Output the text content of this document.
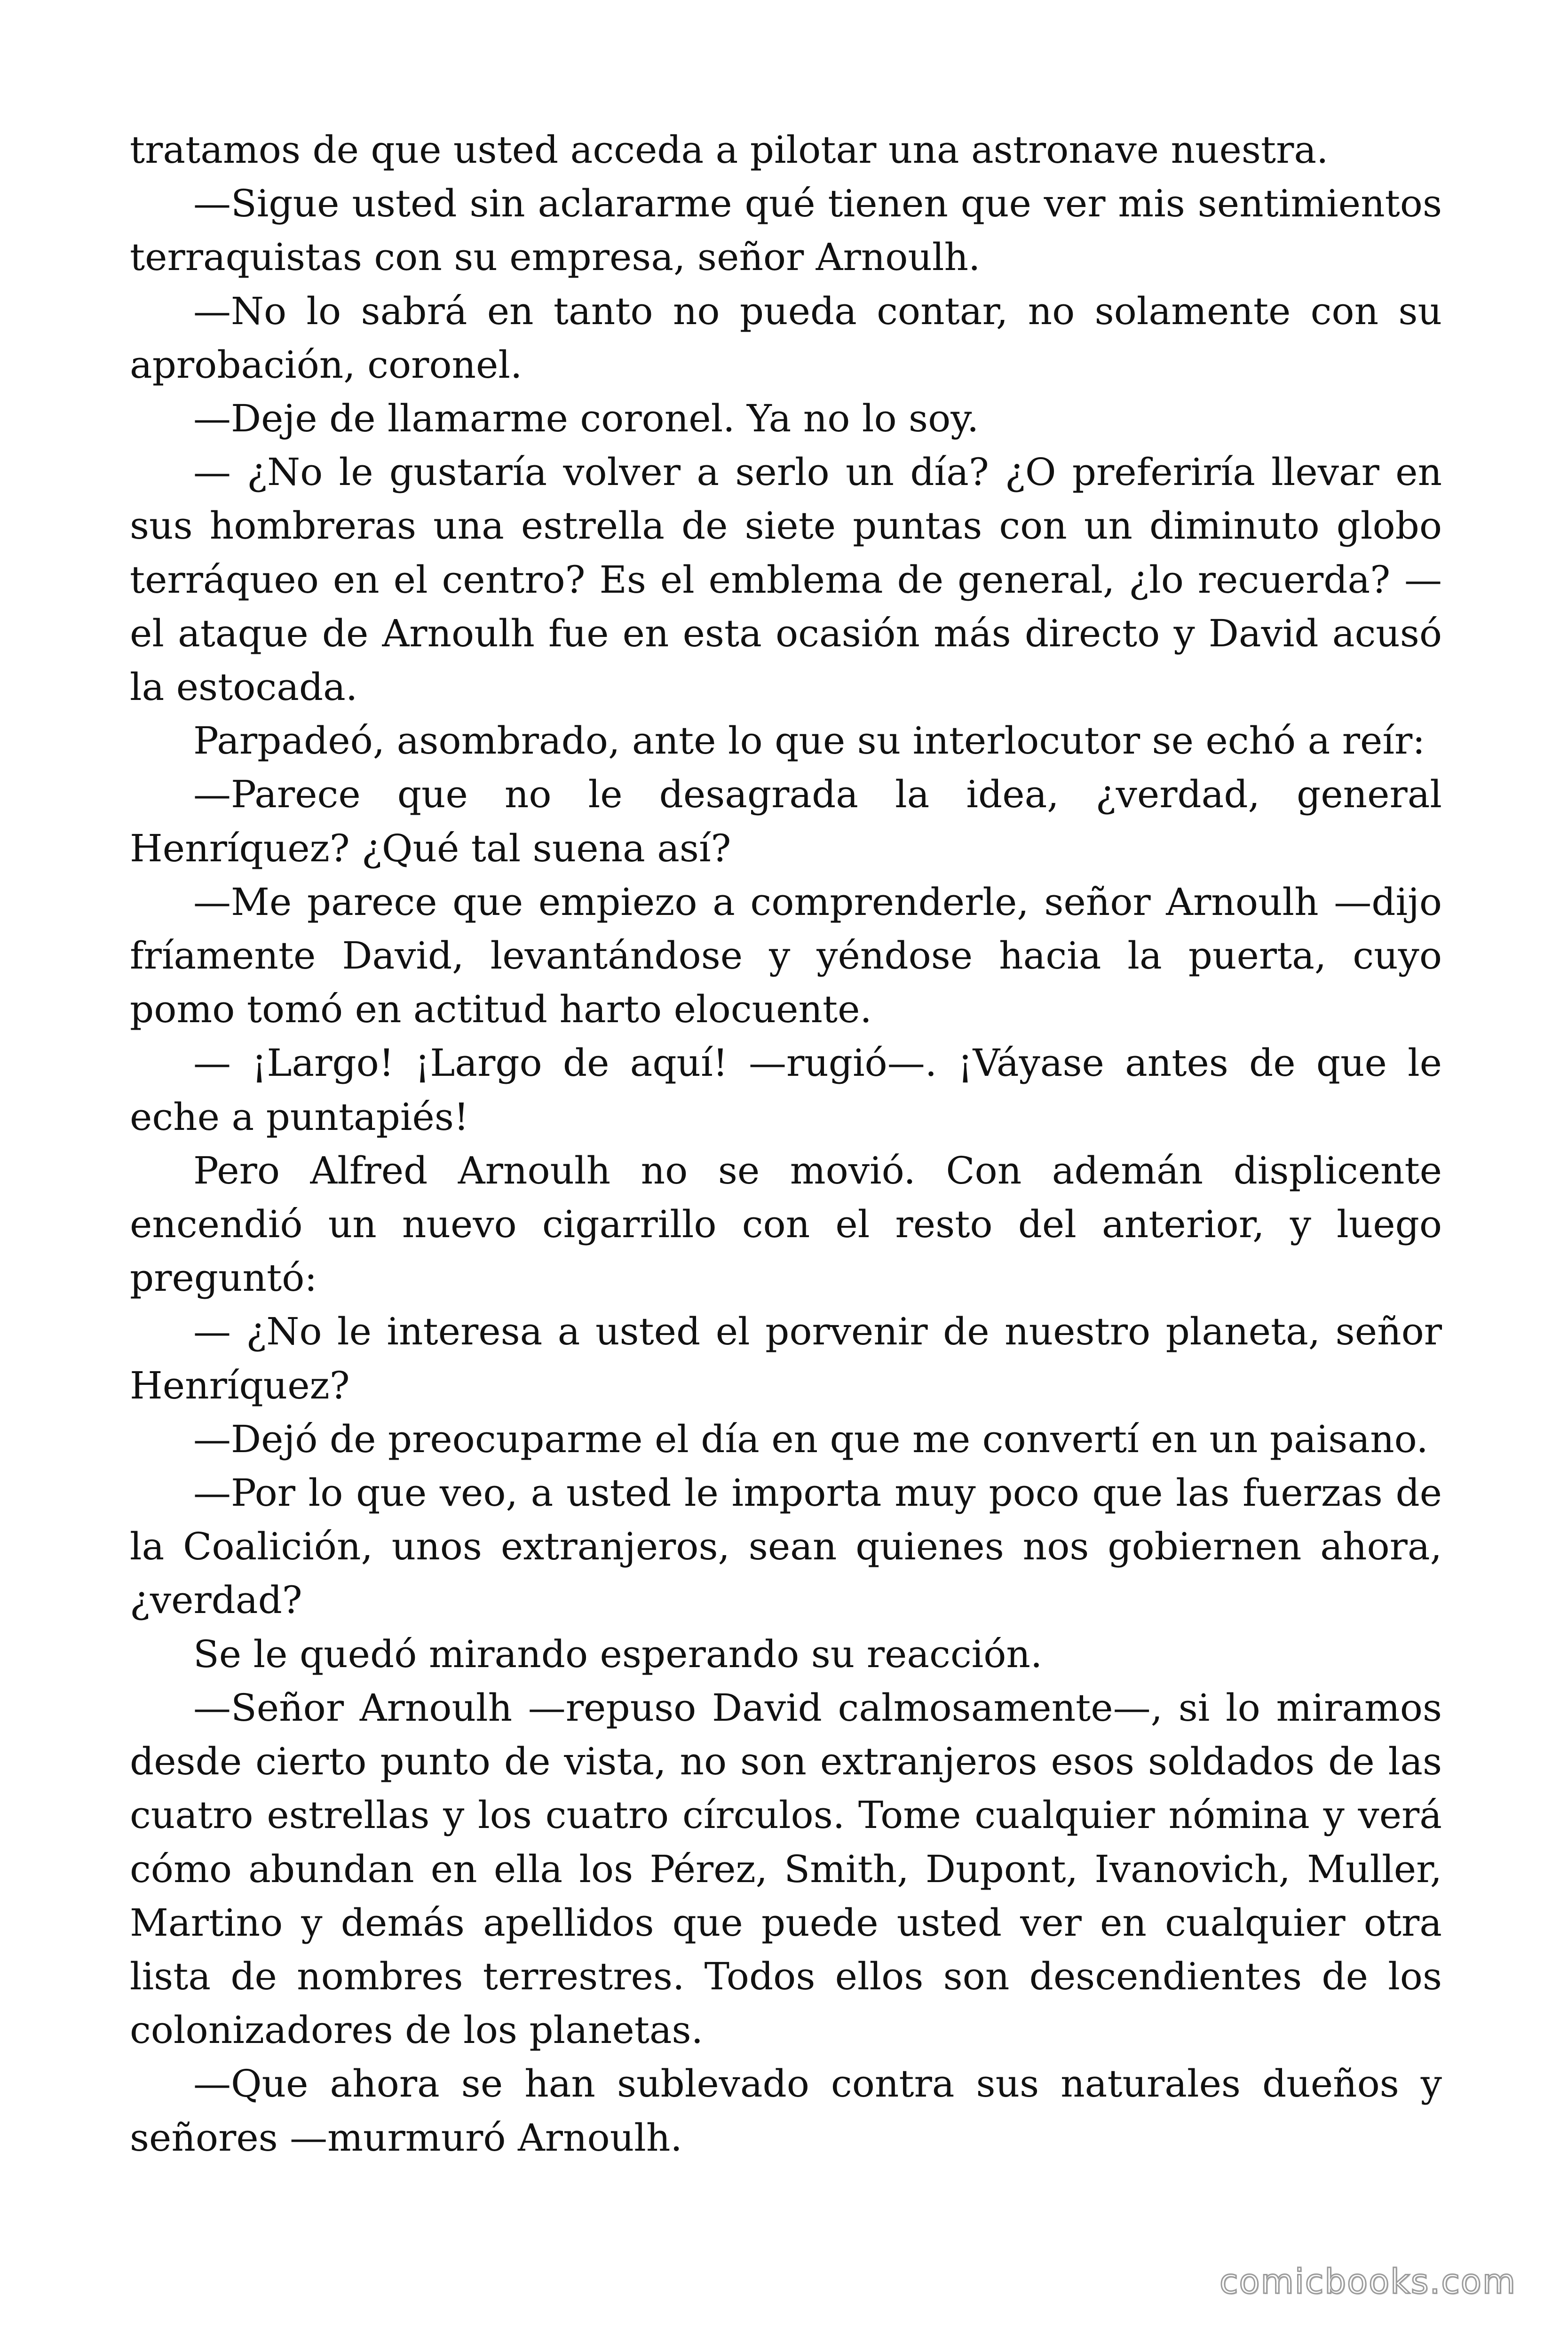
tratamos de que usted acceda a pilotar una astronave nuestra.

—Sigue usted sin aclararme qué tienen que ver mis sentimientos terraquistas con su empresa, señor Arnoulh.

—No lo sabrá en tanto no pueda contar, no solamente con su aprobación, coronel.

—Deje de llamarme coronel. Ya no lo soy.

— ¿No le gustaría volver a serlo un día? ¿O preferiría llevar en sus hombreras una estrella de siete puntas con un diminuto globo terráqueo en el centro? Es el emblema de general, ¿lo recuerda? —el ataque de Arnoulh fue en esta ocasión más directo y David acusó la estocada.

Parpadeó, asombrado, ante lo que su interlocutor se echó a reír:

—Parece que no le desagrada la idea, ¿verdad, general Henríquez? ¿Qué tal suena así?

—Me parece que empiezo a comprenderle, señor Arnoulh —dijo fríamente David, levantándose y yéndose hacia la puerta, cuyo pomo tomó en actitud harto elocuente.

— ¡Largo! ¡Largo de aquí! —rugió—. ¡Váyase antes de que le eche a puntapiés!

Pero Alfred Arnoulh no se movió. Con ademán displicente encendió un nuevo cigarrillo con el resto del anterior, y luego preguntó:

— ¿No le interesa a usted el porvenir de nuestro planeta, señor Henríquez?

—Dejó de preocuparme el día en que me convertí en un paisano.

—Por lo que veo, a usted le importa muy poco que las fuerzas de la Coalición, unos extranjeros, sean quienes nos gobiernen ahora, ¿verdad?

Se le quedó mirando esperando su reacción.

—Señor Arnoulh —repuso David calmosamente—, si lo miramos desde cierto punto de vista, no son extranjeros esos soldados de las cuatro estrellas y los cuatro círculos. Tome cualquier nómina y verá cómo abundan en ella los Pérez, Smith, Dupont, Ivanovich, Muller, Martino y demás apellidos que puede usted ver en cualquier otra lista de nombres terrestres. Todos ellos son descendientes de los colonizadores de los planetas.

—Que ahora se han sublevado contra sus naturales dueños y señores —murmuró Arnoulh.

comicbooks.com
